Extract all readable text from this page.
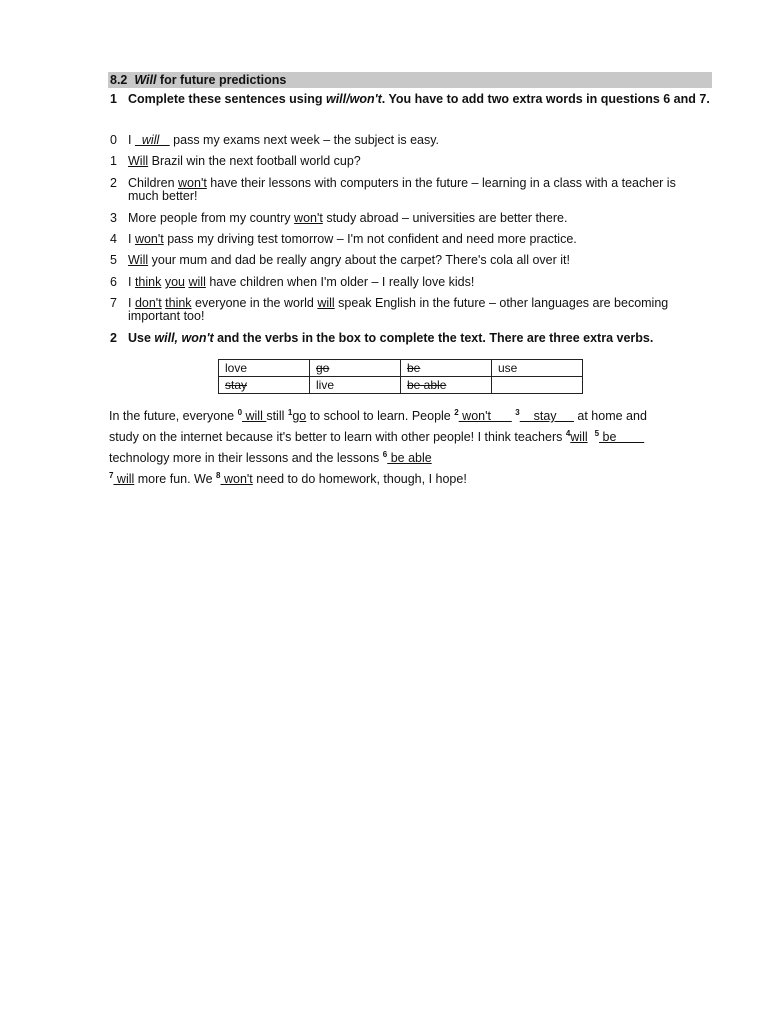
8.2 Will for future predictions
1 Complete these sentences using will/won't. You have to add two extra words in questions 6 and 7.
0 I   will    pass my exams next week – the subject is easy.
1 Will Brazil win the next football world cup?
2 Children won't have their lessons with computers in the future – learning in a class with a teacher is much better!
3 More people from my country won't study abroad – universities are better there.
4 I won't pass my driving test tomorrow – I'm not confident and need more practice.
5 Will your mum and dad be really angry about the carpet? There's cola all over it!
6 I think you will have children when I'm older – I really love kids!
7 I don't think everyone in the world will speak English in the future – other languages are becoming important too!
2 Use will, won't and the verbs in the box to complete the text. There are three extra verbs.
love	go	be	use
stay	live	be able	
In the future, everyone $^0$ will still $^1$go to school to learn. People $^2$ won't       $^3$    stay      at home and
study on the internet because it's better to learn with other people! I think teachers $^4$will $^5$ be
technology more in their lessons and the lessons $^6$ be able
$^7$ will more fun. We $^8$ won't need to do homework, though, I hope!
